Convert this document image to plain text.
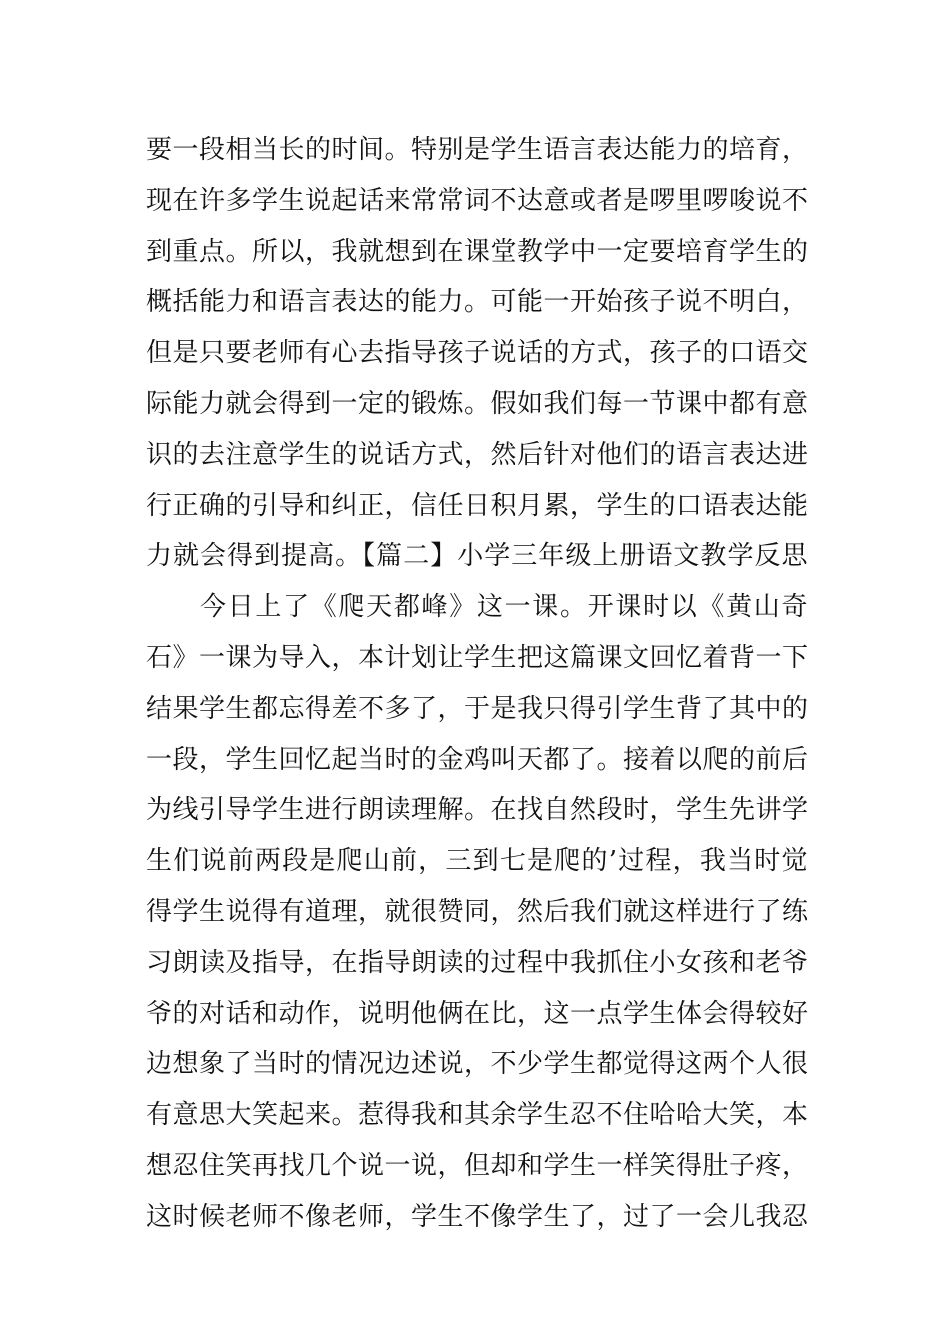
要一段相当长的时间。特别是学生语言表达能力的培育，
现在许多学生说起话来常常词不达意或者是啰里啰唆说不
到重点。所以，我就想到在课堂教学中一定要培育学生的
概括能力和语言表达的能力。可能一开始孩子说不明白，
但是只要老师有心去指导孩子说话的方式，孩子的口语交
际能力就会得到一定的锻炼。假如我们每一节课中都有意
识的去注意学生的说话方式，然后针对他们的语言表达进
行正确的引导和纠正，信任日积月累，学生的口语表达能
力就会得到提高。【篇二】小学三年级上册语文教学反思
今日上了《爬天都峰》这一课。开课时以《黄山奇
石》一课为导入，本计划让学生把这篇课文回忆着背一下
结果学生都忘得差不多了，于是我只得引学生背了其中的
一段，学生回忆起当时的金鸡叫天都了。接着以爬的前后
为线引导学生进行朗读理解。在找自然段时，学生先讲学
生们说前两段是爬山前，三到七是爬的’过程，我当时觉
得学生说得有道理，就很赞同，然后我们就这样进行了练
习朗读及指导，在指导朗读的过程中我抓住小女孩和老爷
爷的对话和动作，说明他俩在比，这一点学生体会得较好
边想象了当时的情况边述说，不少学生都觉得这两个人很
有意思大笑起来。惹得我和其余学生忍不住哈哈大笑，本
想忍住笑再找几个说一说，但却和学生一样笑得肚子疼，
这时候老师不像老师，学生不像学生了，过了一会儿我忍
